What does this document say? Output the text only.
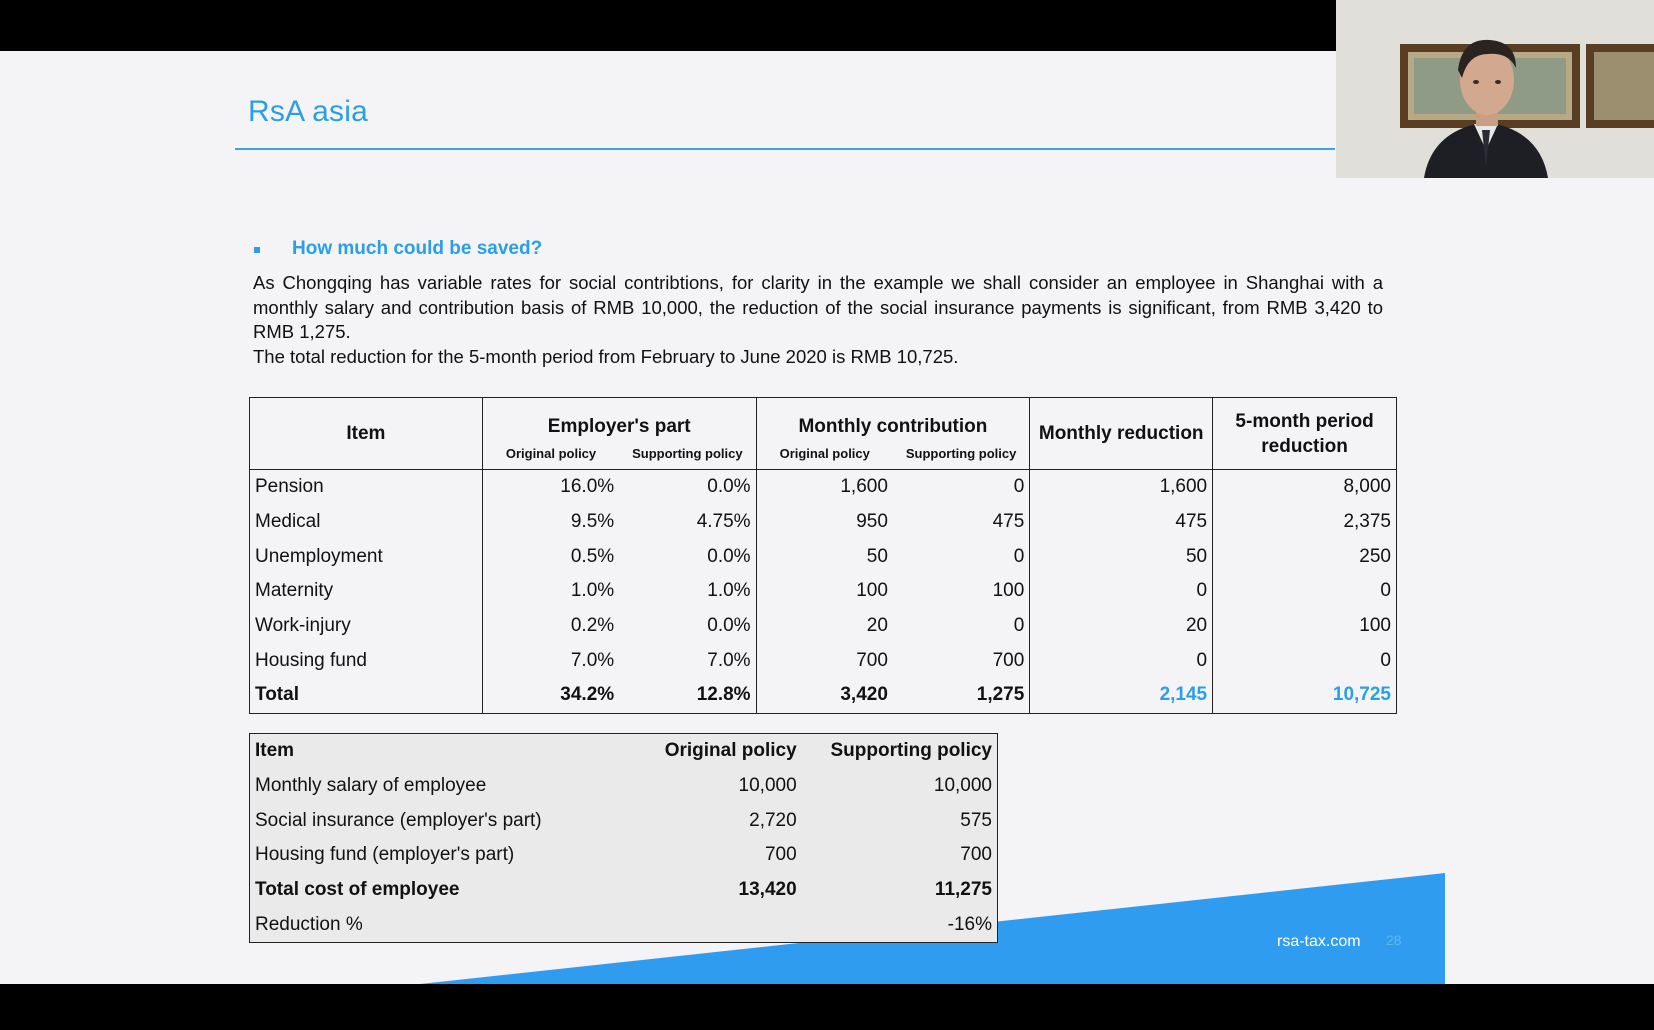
RsA asia
How much could be saved?

As Chongqing has variable rates for social contribtions, for clarity in the example we shall consider an employee in Shanghai with a monthly salary and contribution basis of RMB 10,000, the reduction of the social insurance payments is significant, from RMB 3,420 to RMB 1,275.

The total reduction for the 5-month period from February to June 2020 is RMB 10,725.

Item	Employer's part		Monthly contribution		Monthly reduction	5-month period reduction
	Original policy	Supporting policy	Original policy	Supporting policy		
Pension	16.0%	0.0%	1,600	0	1,600	8,000
Medical	9.5%	4.75%	950	475	475	2,375
Unemployment	0.5%	0.0%	50	0	50	250
Maternity	1.0%	1.0%	100	100	0	0
Work-injury	0.2%	0.0%	20	0	20	100
Housing fund	7.0%	7.0%	700	700	0	0
Total	34.2%	12.8%	3,420	1,275	2,145	10,725
Item	Original policy	Supporting policy
Monthly salary of employee	10,000	10,000
Social insurance (employer's part)	2,720	575
Housing fund (employer's part)	700	700
Total cost of employee	13,420	11,275
Reduction %		-16%
rsa-tax.com 28
